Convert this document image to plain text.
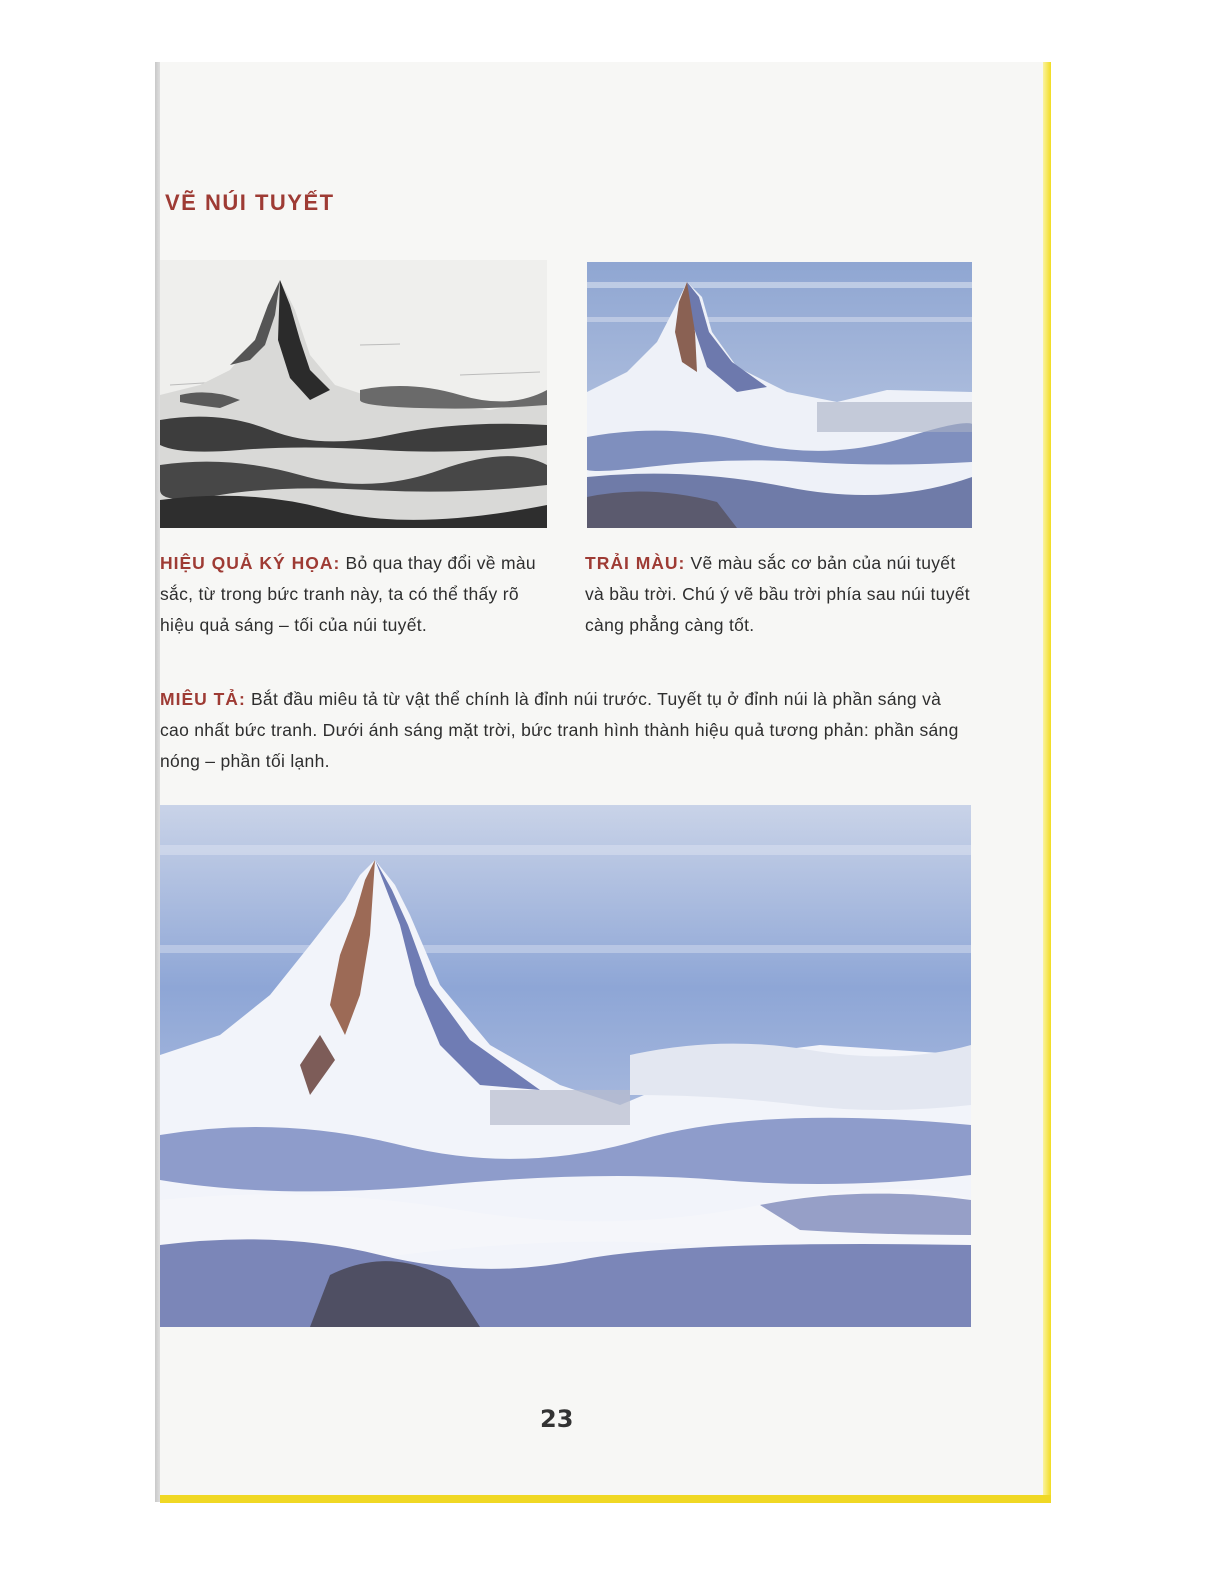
VẼ NÚI TUYẾT

HIỆU QUẢ KÝ HỌA: Bỏ qua thay đổi về màu sắc, từ trong bức tranh này, ta có thể thấy rõ hiệu quả sáng – tối của núi tuyết.

TRẢI MÀU: Vẽ màu sắc cơ bản của núi tuyết và bầu trời. Chú ý vẽ bầu trời phía sau núi tuyết càng phẳng càng tốt.

MIÊU TẢ: Bắt đầu miêu tả từ vật thể chính là đỉnh núi trước. Tuyết tụ ở đỉnh núi là phần sáng và cao nhất bức tranh. Dưới ánh sáng mặt trời, bức tranh hình thành hiệu quả tương phản: phần sáng nóng – phần tối lạnh.

23
